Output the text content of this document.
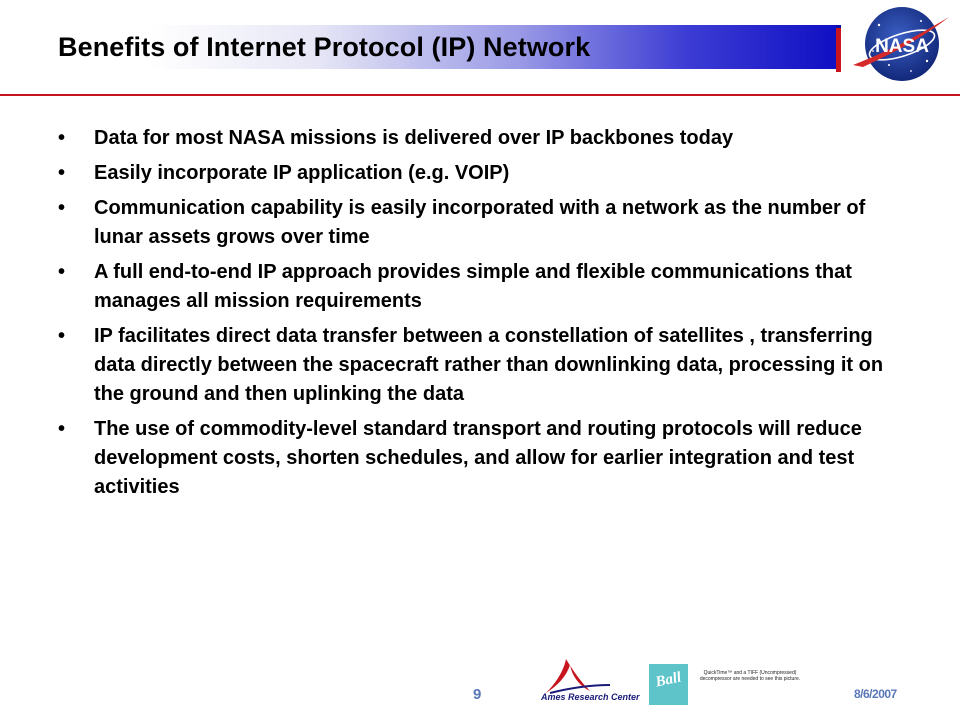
Benefits of Internet Protocol (IP) Network	NASA
• Data for most NASA missions is delivered over IP backbones today
• Easily incorporate IP application (e.g. VOIP)
• Communication capability is easily incorporated with a network as the number of lunar assets grows over time
• A full end-to-end IP approach provides simple and flexible communications that manages all mission requirements
• IP facilitates direct data transfer between a constellation of satellites , transferring data directly between the spacecraft rather than downlinking data, processing it on the ground and then uplinking the data
• The use of commodity-level standard transport and routing protocols will reduce development costs, shorten schedules, and allow for earlier integration and test activities
9	Ames Research Center
Ball	QuickTime™ and a TIFF (Uncompressed) decompressor are needed to see this picture.
8/6/2007
